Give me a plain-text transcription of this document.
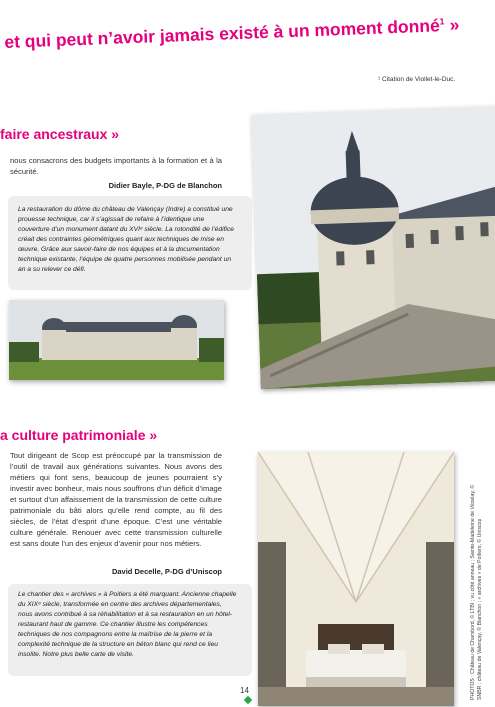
et qui peut n’avoir jamais existé à un moment donné$^1$ »
¹ Citation de Viollet-le-Duc.
faire ancestraux »
nous consacrons des budgets importants à la formation et à la sécurité.
Didier Bayle, P-DG de Blanchon
La restauration du dôme du château de Valençay (Indre) a constitué une prouesse technique, car il s’agissait de refaire à l’identique une couverture d’un monument datant du XVIᵉ siècle. La rotondité de l’édifice créait des contraintes géométriques quant aux techniques de mise en œuvre. Grâce aux savoir-faire de nos équipes et à la documentation technique existante, l’équipe de quatre personnes mobilisée pendant un an a su relever ce défi.
a culture patrimoniale »
Tout dirigeant de Scop est préoccupé par la transmission de l’outil de travail aux générations suivantes. Nous avons des métiers qui font sens, beaucoup de jeunes pourraient s’y investir avec bonheur, mais nous souffrons d’un déficit d’image et surtout d’un affaissement de la transmission de cette culture patrimoniale du bâti alors qu’elle rend compte, au fil des siècles, de l’état d’esprit d’une époque. C’est une véritable culture générale. Renouer avec cette transmission culturelle est sans doute l’un des enjeux d’avenir pour nos métiers.
David Decelle, P-DG d’Uniscop
Le chantier des « archives » à Poitiers a été marquant. Ancienne chapelle du XIXᵉ siècle, transformée en centre des archives départementales, nous avons contribué à sa réhabilitation et à sa restauration en un hôtel-restaurant haut de gamme. Ce chantier illustre les compétences techniques de nos compagnons entre la maîtrise de la pierre et la complexité technique de la structure en béton blanc qui rend ce lieu insolite. Notre plus belle carte de visite.	PHOTOS : Château de Chambord, © LTBI ; vu côté anneau ; Sainte-Madeleine de Vézelay, © SNBR ; château de Valençay, © Blanchon ; « archives » de Poitiers, © Uniscop
14
